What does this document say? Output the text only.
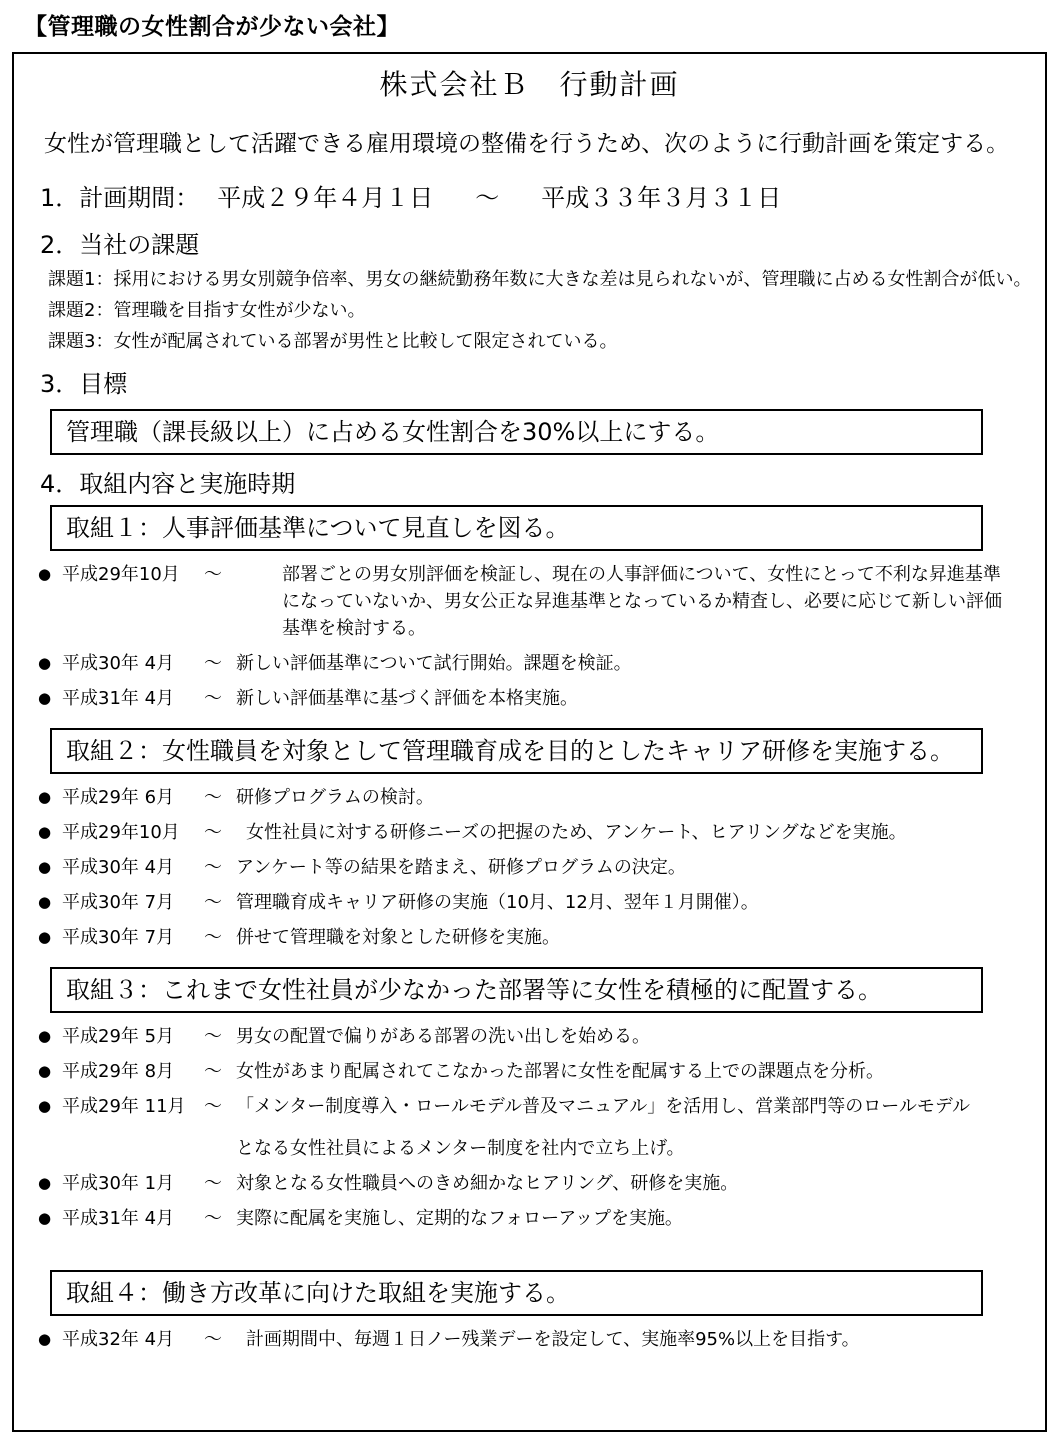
【管理職の女性割合が少ない会社】
株式会社Ｂ　行動計画
女性が管理職として活躍できる雇用環境の整備を行うため、次のように行動計画を策定する。
1．計画期間： 平成２９年４月１日 ～ 平成３３年３月３１日
2．当社の課題
課題1：採用における男女別競争倍率、男女の継続勤務年数に大きな差は見られないが、管理職に占める女性割合が低い。
課題2：管理職を目指す女性が少ない。
課題3：女性が配属されている部署が男性と比較して限定されている。
3．目標
管理職（課長級以上）に占める女性割合を30%以上にする。
4．取組内容と実施時期
取組１：人事評価基準について見直しを図る。
● 平成29年10月	～	部署ごとの男女別評価を検証し、現在の人事評価について、女性にとって不利な昇進基準になっていないか、男女公正な昇進基準となっているか精査し、必要に応じて新しい評価基準を検討する。
● 平成30年 4月	～ 新しい評価基準について試行開始。課題を検証。
● 平成31年 4月	～ 新しい評価基準に基づく評価を本格実施。
取組２：女性職員を対象として管理職育成を目的としたキャリア研修を実施する。
● 平成29年 6月	～ 研修プログラムの検討。
● 平成29年10月	～	女性社員に対する研修ニーズの把握のため、アンケート、ヒアリングなどを実施。
● 平成30年 4月	～ アンケート等の結果を踏まえ、研修プログラムの決定。
● 平成30年 7月	～ 管理職育成キャリア研修の実施（10月、12月、翌年１月開催）。
● 平成30年 7月	～ 併せて管理職を対象とした研修を実施。
取組３：これまで女性社員が少なかった部署等に女性を積極的に配置する。
● 平成29年 5月	～ 男女の配置で偏りがある部署の洗い出しを始める。
● 平成29年 8月	～ 女性があまり配属されてこなかった部署に女性を配属する上での課題点を分析。
● 平成29年 11月	～ 「メンター制度導入・ロールモデル普及マニュアル」を活用し、営業部門等のロールモデル
となる女性社員によるメンター制度を社内で立ち上げ。
● 平成30年 1月	～ 対象となる女性職員へのきめ細かなヒアリング、研修を実施。
● 平成31年 4月	～ 実際に配属を実施し、定期的なフォローアップを実施。
取組４：働き方改革に向けた取組を実施する。
● 平成32年 4月	～	計画期間中、毎週１日ノー残業デーを設定して、実施率95%以上を目指す。
